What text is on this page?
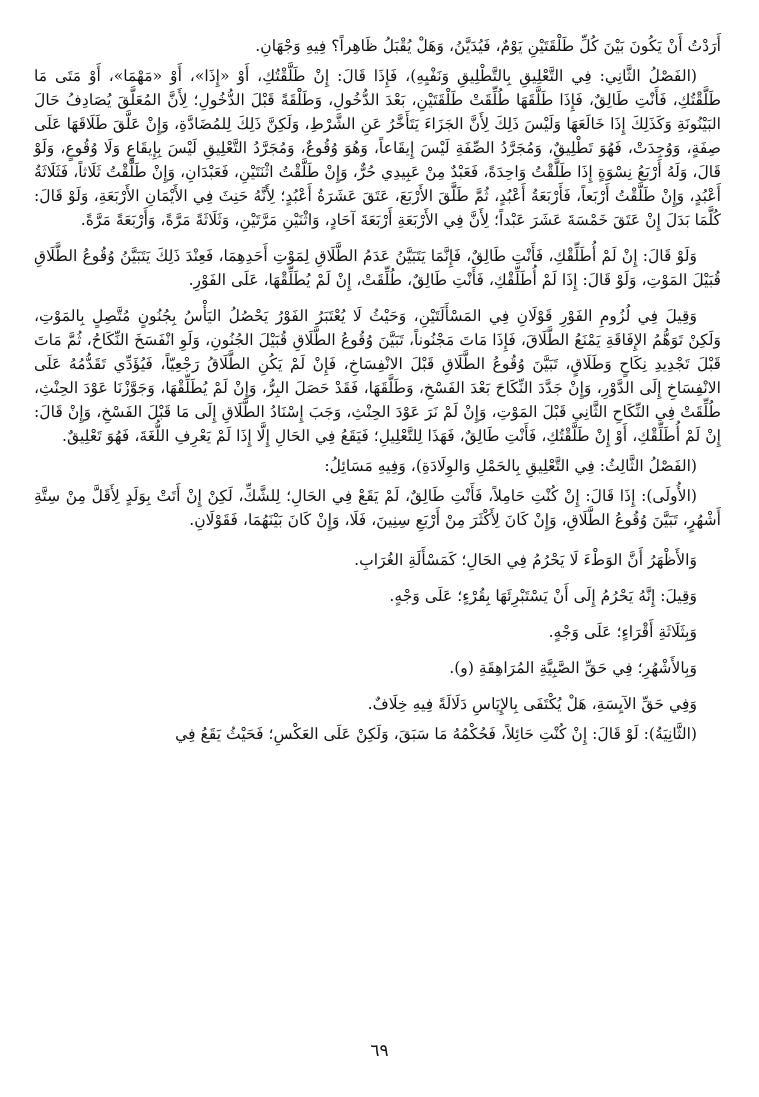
أَرَدْتُ أَنْ يَكُونَ بَيْنَ كُلِّ طَلْقَتَيْنِ يَوْمٌ، فَيُدَيَّنُ، وَهَلْ يُقْبَلُ ظَاهِراً؟ فِيهِ وَجْهَانِ.

(الفَصْلُ الثَّانِي: فِي التَّعْلِيقِ بِالتَّطْلِيقِ وَنَفْيِهِ)، فَإِذَا قَالَ: إِنْ طَلَّقْتُكِ، أَوْ «إِذَا»، أَوْ «مَهْمَا»، أَوْ مَتَى مَا طَلَّقْتُكِ، فَأَنْتِ طَالِقٌ، فَإِذَا طَلَّقَهَا طُلِّقَتْ طَلْقَتَيْنِ، بَعْدَ الدُّخُولِ، وَطَلْقَةً قَبْلَ الدُّخُولِ؛ لِأَنَّ المُعَلَّقَ يُصَادِفُ حَالَ البَيْنُونَةِ وَكَذَلِكَ إِذَا خَالَعَهَا وَلَيْسَ ذَلِكَ لِأَنَّ الجَزَاءَ يَتَأَخَّرُ عَنِ الشَّرْطِ، وَلَكِنَّ ذَلِكَ لِلمُضَادَّةِ، وَإِنْ عَلَّقَ طَلَاقَهَا عَلَى صِفَةٍ، وَوُجِدَتْ، فَهُوَ تَطْلِيقٌ، وَمُجَرَّدُ الصِّفَةِ لَيْسَ إِيقَاعاً، وَهُوَ وُقُوعٌ، وَمُجَرَّدُ التَّعْلِيقِ لَيْسَ بِإِيقَاعٍ وَلَا وُقُوعٍ، وَلَوْ قَالَ، وَلَهُ أَرْبَعُ نِسْوَةٍ إِذَا طَلَّقْتُ وَاحِدَةً، فَعَبْدٌ مِنْ عَبِيدِي حُرٌّ، وَإِنْ طَلَّقْتُ اثْنَتَيْنِ، فَعَبْدَانِ، وَإِنْ طَلَّقْتُ ثَلَاثاً، فَثَلَاثَةُ أَعْبُدٍ، وَإِنْ طَلَّقْتُ أَرْبَعاً، فَأَرْبَعَةُ أَعْبُدٍ، ثُمَّ طَلَّقَ الأَرْبَعَ، عَتَقَ عَشَرَةُ أَعْبُدٍ؛ لِأَنَّهُ حَنِثَ فِي الأَيْمَانِ الأَرْبَعَةِ، وَلَوْ قَالَ: كُلَّمَا بَدَلَ إِنْ عَتَقَ خَمْسَةَ عَشَرَ عَبْداً؛ لِأَنَّ فِي الأَرْبَعَةِ أَرْبَعَةَ آحَادٍ، وَاثْنَيْنِ مَرَّتَيْنِ، وَثَلَاثَةً مَرَّةً، وَأَرْبَعَةً مَرَّةً.

وَلَوْ قَالَ: إِنْ لَمْ أُطَلِّقْكِ، فَأَنْتِ طَالِقٌ، فَإِنَّمَا يَتَبَيَّنُ عَدَمُ الطَّلَاقِ لِمَوْتِ أَحَدِهِمَا، فَعِنْدَ ذَلِكَ يَتَبَيَّنُ وُقُوعُ الطَّلَاقِ قُبَيْلَ المَوْتِ، وَلَوْ قَالَ: إِذَا لَمْ أُطَلِّقْكِ، فَأَنْتِ طَالِقٌ، طُلِّقَتْ، إِنْ لَمْ يُطَلِّقْهَا، عَلَى الفَوْرِ.

وَقِيلَ فِي لُزُومِ الفَوْرِ قَوْلَانِ فِي المَسْأَلَتَيْنِ، وَحَيْثُ لَا يُعْتَبَرُ الفَوْرُ يَحْصُلُ اليَأْسُ بِجُنُونٍ مُتَّصِلٍ بِالمَوْتِ، وَلَكِنْ تَوَهُّمُ الإِفَاقَةِ يَمْنَعُ الطَّلَاقَ، فَإِذَا مَاتَ مَجْنُوناً، تَبَيَّنَ وُقُوعُ الطَّلَاقِ قُبَيْلَ الجُنُونِ، وَلَوِ انْفَسَخَ النِّكَاحُ، ثُمَّ مَاتَ قَبْلَ تَجْدِيدِ نِكَاحٍ وَطَلَاقٍ، تَبَيَّنَ وُقُوعُ الطَّلَاقِ قَبْلَ الانْفِسَاخِ، فَإِنْ لَمْ يَكُنِ الطَّلَاقُ رَجْعِيّاً، فَيُؤَدِّي تَقَدُّمُهُ عَلَى الانْفِسَاخِ إِلَى الدَّوْرِ، وَإِنْ جَدَّدَ النِّكَاحَ بَعْدَ الفَسْخِ، وَطَلَّقَهَا، فَقَدْ حَصَلَ البِرُّ، وَإِنْ لَمْ يُطَلِّقْهَا، وَجَوَّزْنَا عَوْدَ الحِنْثِ، طُلِّقَتْ فِي النِّكَاحِ الثَّانِي قَبْلَ المَوْتِ، وَإِنْ لَمْ نَرَ عَوْدَ الحِنْثِ، وَجَبَ إِسْنَادُ الطَّلَاقِ إِلَى مَا قَبْلَ الفَسْخِ، وَإِنْ قَالَ: إِنْ لَمْ أُطَلِّقْكِ، أَوْ إِنْ طَلَّقْتُكِ، فَأَنْتِ طَالِقٌ، فَهَذَا لِلتَّعْلِيلِ؛ فَيَقَعُ فِي الحَالِ إِلَّا إِذَا لَمْ يَعْرِفِ اللُّغَةَ، فَهُوَ تَعْلِيقٌ.

(الفَصْلُ الثَّالِثُ: فِي التَّعْلِيقِ بِالحَمْلِ وَالوِلَادَةِ)، وَفِيهِ مَسَائِلُ:

(الأُولَى): إِذَا قَالَ: إِنْ كُنْتِ حَامِلاً، فَأَنْتِ طَالِقٌ، لَمْ يَقَعْ فِي الحَالِ؛ لِلشَّكِّ، لَكِنْ إِنْ أَتَتْ بِوَلَدٍ لِأَقَلَّ مِنْ سِتَّةِ أَشْهُرٍ، تَبَيَّنَ وُقُوعُ الطَّلَاقِ، وَإِنْ كَانَ لِأَكْثَرَ مِنْ أَرْبَعِ سِنِينَ، فَلَا، وَإِنْ كَانَ بَيْنَهُمَا، فَقَوْلَانِ.

وَالأَظْهَرُ أَنَّ الوَطْءَ لَا يَحْرُمُ فِي الحَالِ؛ كَمَسْأَلَةِ الغُرَابِ.

وَقِيلَ: إِنَّهُ يَحْرُمُ إِلَى أَنْ يَسْتَبْرِئَهَا بِقُرْءٍ؛ عَلَى وَجْهٍ.

وَبِثَلَاثَةِ أَقْرَاءٍ؛ عَلَى وَجْهٍ.

وَبِالأَشْهُرِ؛ فِي حَقِّ الصَّبِيَّةِ المُرَاهِقَةِ (و).

وَفِي حَقِّ الآيِسَةِ، هَلْ يُكْتَفَى بِالإِيَاسِ دَلَالَةً فِيهِ خِلَافٌ.

(الثَّانِيَةُ): لَوْ قَالَ: إِنْ كُنْتِ حَائِلاً، فَحُكْمُهُ مَا سَبَقَ، وَلَكِنْ عَلَى العَكْسِ؛ فَحَيْثُ يَقَعُ فِي

٦٩
